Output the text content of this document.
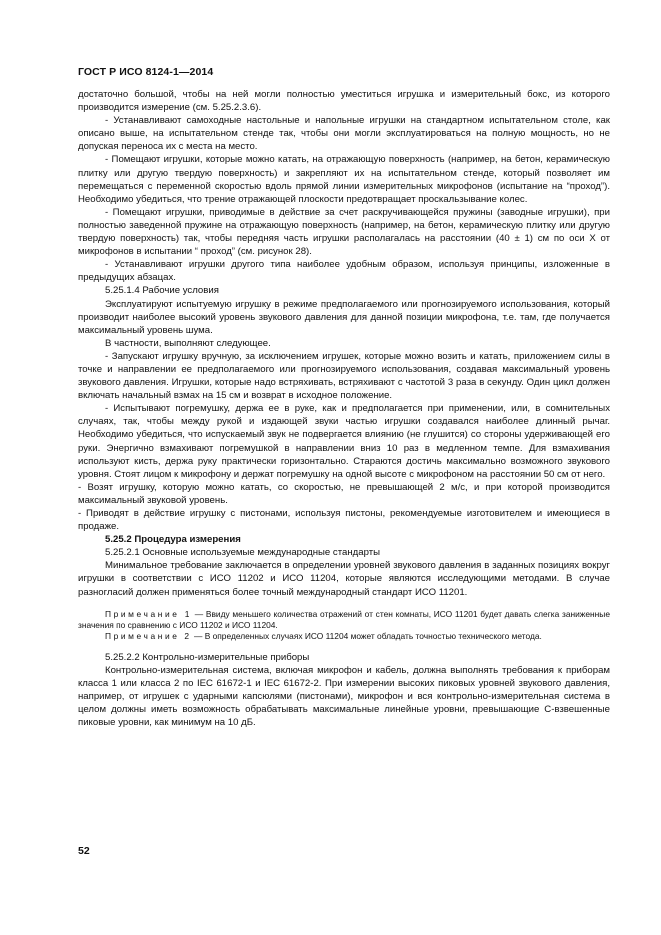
ГОСТ Р ИСО 8124-1—2014

достаточно большой, чтобы на ней могли полностью уместиться игрушка и измерительный бокс, из которого производится измерение (см. 5.25.2.3.6).

- Устанавливают самоходные настольные и напольные игрушки на стандартном испытательном столе, как описано выше, на испытательном стенде так, чтобы они могли эксплуатироваться на полную мощность, но не допуская переноса их с места на место.

- Помещают игрушки, которые можно катать, на отражающую поверхность (например, на бетон, керамическую плитку или другую твердую поверхность) и закрепляют их на испытательном стенде, который позволяет им перемещаться с переменной скоростью вдоль прямой линии измерительных микрофонов (испытание на “проход”). Необходимо убедиться, что трение отражающей плоскости предотвращает проскальзывание колес.

- Помещают игрушки, приводимые в действие за счет раскручивающейся пружины (заводные игрушки), при полностью заведенной пружине на отражающую поверхность (например, на бетон, керамическую плитку или другую твердую поверхность) так, чтобы передняя часть игрушки располагалась на расстоянии (40 ± 1) см по оси X от микрофонов в испытании “ проход” (см. рисунок 28).

- Устанавливают игрушки другого типа наиболее удобным образом, используя принципы, изложенные в предыдущих абзацах.

5.25.1.4 Рабочие условия

Эксплуатируют испытуемую игрушку в режиме предполагаемого или прогнозируемого использования, который производит наиболее высокий уровень звукового давления для данной позиции микрофона, т.е. там, где получается максимальный уровень шума.

В частности, выполняют следующее.

- Запускают игрушку вручную, за исключением игрушек, которые можно возить и катать, приложением силы в точке и направлении ее предполагаемого или прогнозируемого использования, создавая максимальный уровень звукового давления. Игрушки, которые надо встряхивать, встряхивают с частотой 3 раза в секунду. Один цикл должен включать начальный взмах на 15 см и возврат в исходное положение.

- Испытывают погремушку, держа ее в руке, как и предполагается при применении, или, в сомнительных случаях, так, чтобы между рукой и издающей звуки частью игрушки создавался наиболее длинный рычаг. Необходимо убедиться, что испускаемый звук не подвергается влиянию (не глушится) со стороны удерживающей его руки. Энергично взмахивают погремушкой в направлении вниз 10 раз в медленном темпе. Для взмахивания используют кисть, держа руку практически горизонтально. Стараются достичь максимально возможного звукового уровня. Стоят лицом к микрофону и держат погремушку на одной высоте с микрофоном на расстоянии 50 см от него.

- Возят игрушку, которую можно катать, со скоростью, не превышающей 2 м/с, и при которой производится максимальный звуковой уровень.

- Приводят в действие игрушку с пистонами, используя пистоны, рекомендуемые изготовителем и имеющиеся в продаже.

5.25.2 Процедура измерения

5.25.2.1 Основные используемые международные стандарты

Минимальное требование заключается в определении уровней звукового давления в заданных позициях вокруг игрушки в соответствии с ИСО 11202 и ИСО 11204, которые являются исследующими методами. В случае разногласий должен применяться более точный международный стандарт ИСО 11201.

Примечание 1 — Ввиду меньшего количества отражений от стен комнаты, ИСО 11201 будет давать слегка заниженные значения по сравнению с ИСО 11202 и ИСО 11204.

Примечание 2 — В определенных случаях ИСО 11204 может обладать точностью технического метода.

5.25.2.2 Контрольно-измерительные приборы

Контрольно-измерительная система, включая микрофон и кабель, должна выполнять требования к приборам класса 1 или класса 2 по IEC 61672-1 и IEC 61672-2. При измерении высоких пиковых уровней звукового давления, например, от игрушек с ударными капсюлями (пистонами), микрофон и вся контрольно-измерительная система в целом должны иметь возможность обрабатывать максимальные линейные уровни, превышающие C-взвешенные пиковые уровни, как минимум на 10 дБ.

52
